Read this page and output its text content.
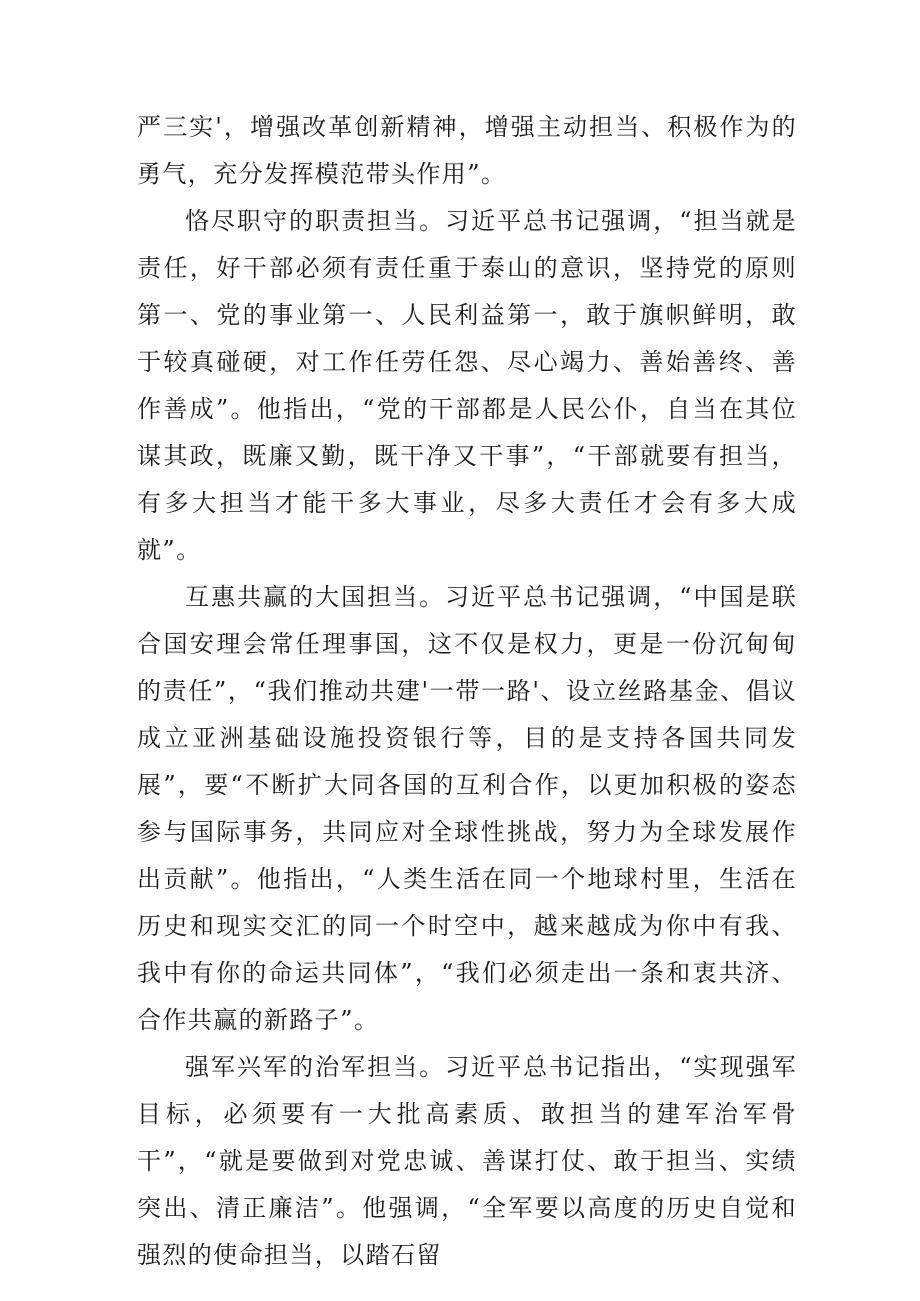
严三实'，增强改革创新精神，增强主动担当、积极作为的勇气，充分发挥模范带头作用”。

恪尽职守的职责担当。习近平总书记强调，“担当就是责任，好干部必须有责任重于泰山的意识，坚持党的原则第一、党的事业第一、人民利益第一，敢于旗帜鲜明，敢于较真碰硬，对工作任劳任怨、尽心竭力、善始善终、善作善成”。他指出，“党的干部都是人民公仆，自当在其位谋其政，既廉又勤，既干净又干事”，“干部就要有担当，有多大担当才能干多大事业，尽多大责任才会有多大成就”。

互惠共赢的大国担当。习近平总书记强调，“中国是联合国安理会常任理事国，这不仅是权力，更是一份沉甸甸的责任”，“我们推动共建'一带一路'、设立丝路基金、倡议成立亚洲基础设施投资银行等，目的是支持各国共同发展”，要“不断扩大同各国的互利合作，以更加积极的姿态参与国际事务，共同应对全球性挑战，努力为全球发展作出贡献”。他指出，“人类生活在同一个地球村里，生活在历史和现实交汇的同一个时空中，越来越成为你中有我、我中有你的命运共同体”，“我们必须走出一条和衷共济、合作共赢的新路子”。

强军兴军的治军担当。习近平总书记指出，“实现强军目标，必须要有一大批高素质、敢担当的建军治军骨干”，“就是要做到对党忠诚、善谋打仗、敢于担当、实绩突出、清正廉洁”。他强调，“全军要以高度的历史自觉和强烈的使命担当，以踏石留
